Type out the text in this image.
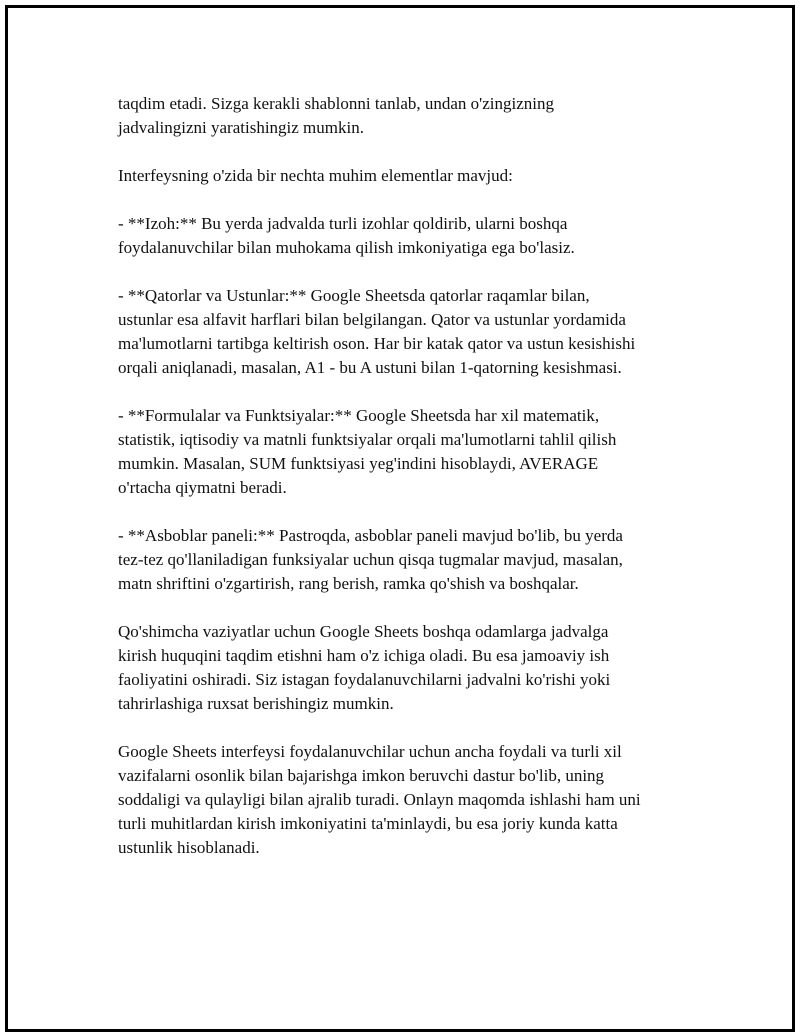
taqdim etadi. Sizga kerakli shablonni tanlab, undan o'zingizning
jadvalingizni yaratishingiz mumkin.

Interfeysning o'zida bir nechta muhim elementlar mavjud:

- **Izoh:** Bu yerda jadvalda turli izohlar qoldirib, ularni boshqa
foydalanuvchilar bilan muhokama qilish imkoniyatiga ega bo'lasiz.

- **Qatorlar va Ustunlar:** Google Sheetsda qatorlar raqamlar bilan,
ustunlar esa alfavit harflari bilan belgilangan. Qator va ustunlar yordamida
ma'lumotlarni tartibga keltirish oson. Har bir katak qator va ustun kesishishi
orqali aniqlanadi, masalan, A1 - bu A ustuni bilan 1-qatorning kesishmasi.

- **Formulalar va Funktsiyalar:** Google Sheetsda har xil matematik,
statistik, iqtisodiy va matnli funktsiyalar orqali ma'lumotlarni tahlil qilish
mumkin. Masalan, SUM funktsiyasi yeg'indini hisoblaydi, AVERAGE
o'rtacha qiymatni beradi.

- **Asboblar paneli:** Pastroqda, asboblar paneli mavjud bo'lib, bu yerda
tez-tez qo'llaniladigan funksiyalar uchun qisqa tugmalar mavjud, masalan,
matn shriftini o'zgartirish, rang berish, ramka qo'shish va boshqalar.

Qo'shimcha vaziyatlar uchun Google Sheets boshqa odamlarga jadvalga
kirish huquqini taqdim etishni ham o'z ichiga oladi. Bu esa jamoaviy ish
faoliyatini oshiradi. Siz istagan foydalanuvchilarni jadvalni ko'rishi yoki
tahrirlashiga ruxsat berishingiz mumkin.

Google Sheets interfeysi foydalanuvchilar uchun ancha foydali va turli xil
vazifalarni osonlik bilan bajarishga imkon beruvchi dastur bo'lib, uning
soddaligi va qulayligi bilan ajralib turadi. Onlayn maqomda ishlashi ham uni
turli muhitlardan kirish imkoniyatini ta'minlaydi, bu esa joriy kunda katta
ustunlik hisoblanadi.
